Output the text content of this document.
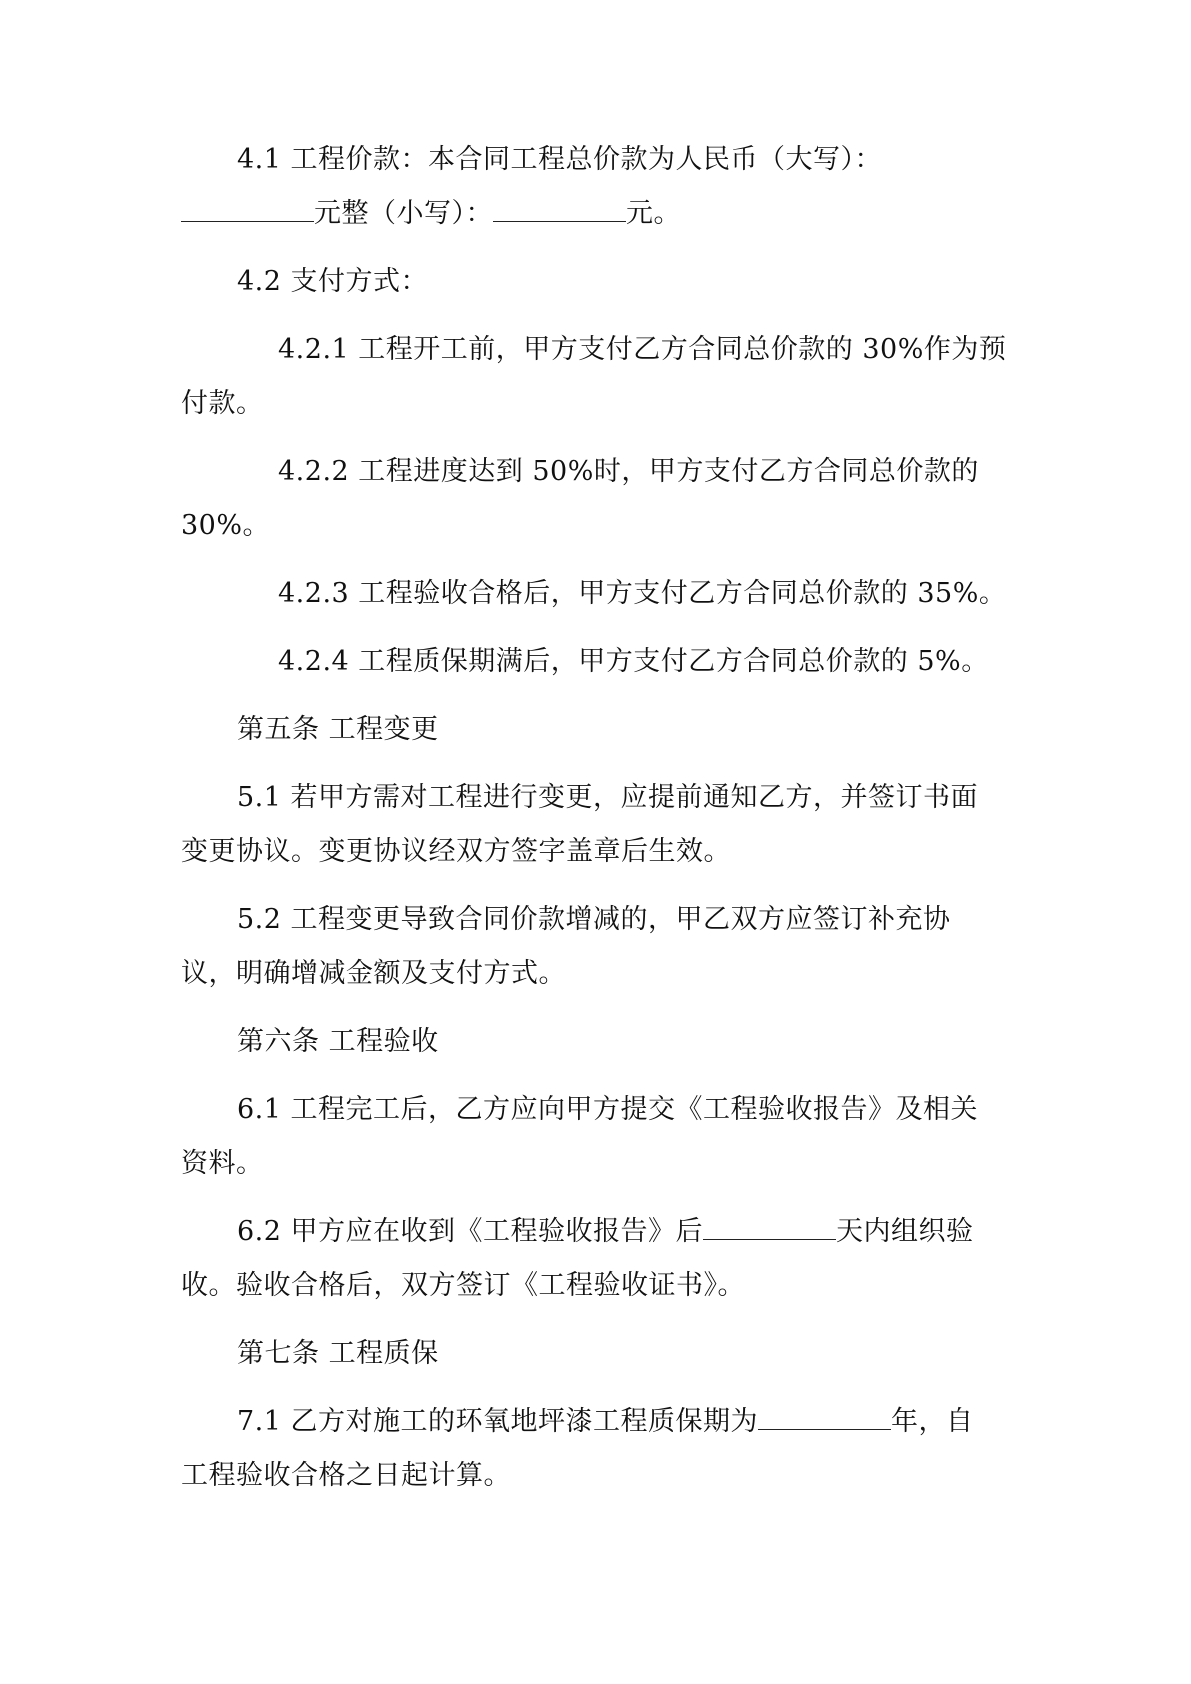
4.1 工程价款：本合同工程总价款为人民币（大写）：
元整（小写）：	元。

4.2 支付方式：

4.2.1 工程开工前，甲方支付乙方合同总价款的 30%作为预
付款。

4.2.2 工程进度达到 50%时，甲方支付乙方合同总价款的
30%。

4.2.3 工程验收合格后，甲方支付乙方合同总价款的 35%。

4.2.4 工程质保期满后，甲方支付乙方合同总价款的 5%。

第五条 工程变更

5.1 若甲方需对工程进行变更，应提前通知乙方，并签订书面
变更协议。变更协议经双方签字盖章后生效。

5.2 工程变更导致合同价款增减的，甲乙双方应签订补充协
议，明确增减金额及支付方式。

第六条 工程验收

6.1 工程完工后，乙方应向甲方提交《工程验收报告》及相关
资料。

6.2 甲方应在收到《工程验收报告》后	天内组织验
收。验收合格后，双方签订《工程验收证书》。

第七条 工程质保

7.1 乙方对施工的环氧地坪漆工程质保期为	年，自
工程验收合格之日起计算。
